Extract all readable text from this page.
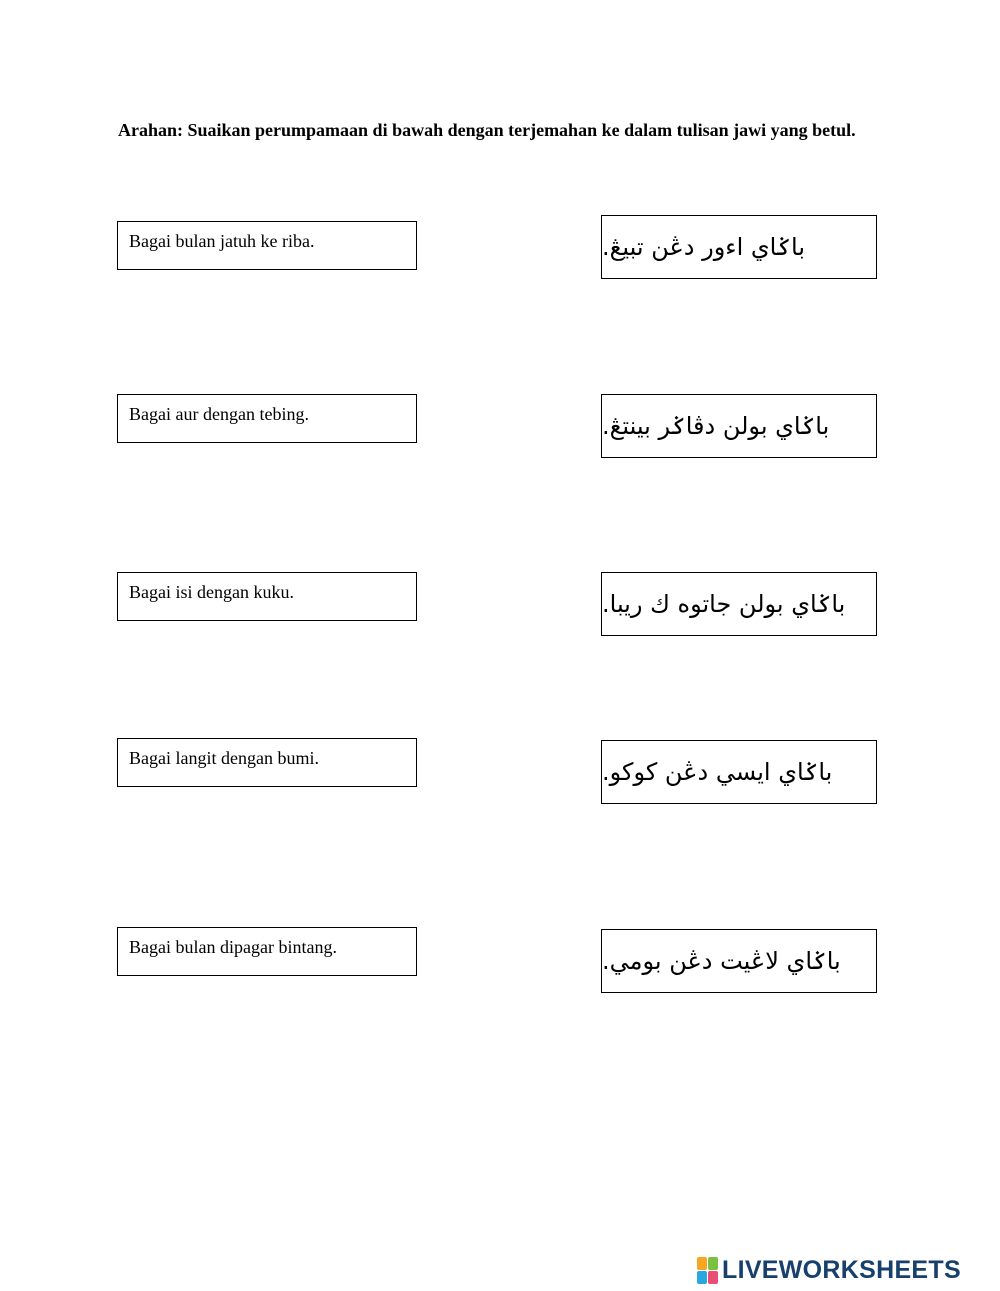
Arahan: Suaikan perumpamaan di bawah dengan terjemahan ke dalam tulisan jawi yang betul.
Bagai bulan jatuh ke riba.
Bagai aur dengan tebing.
Bagai isi dengan kuku.
Bagai langit dengan bumi.
Bagai bulan dipagar bintang.
باݢاي اءور دڠن تبيڠ.
باݢاي بولن دڤاݢر بينتڠ.
باݢاي بولن جاتوه ك ريبا.
باݢاي ايسي دڠن كوكو.
باݢاي لاڠيت دڠن بومي.
LIVEWORKSHEETS
